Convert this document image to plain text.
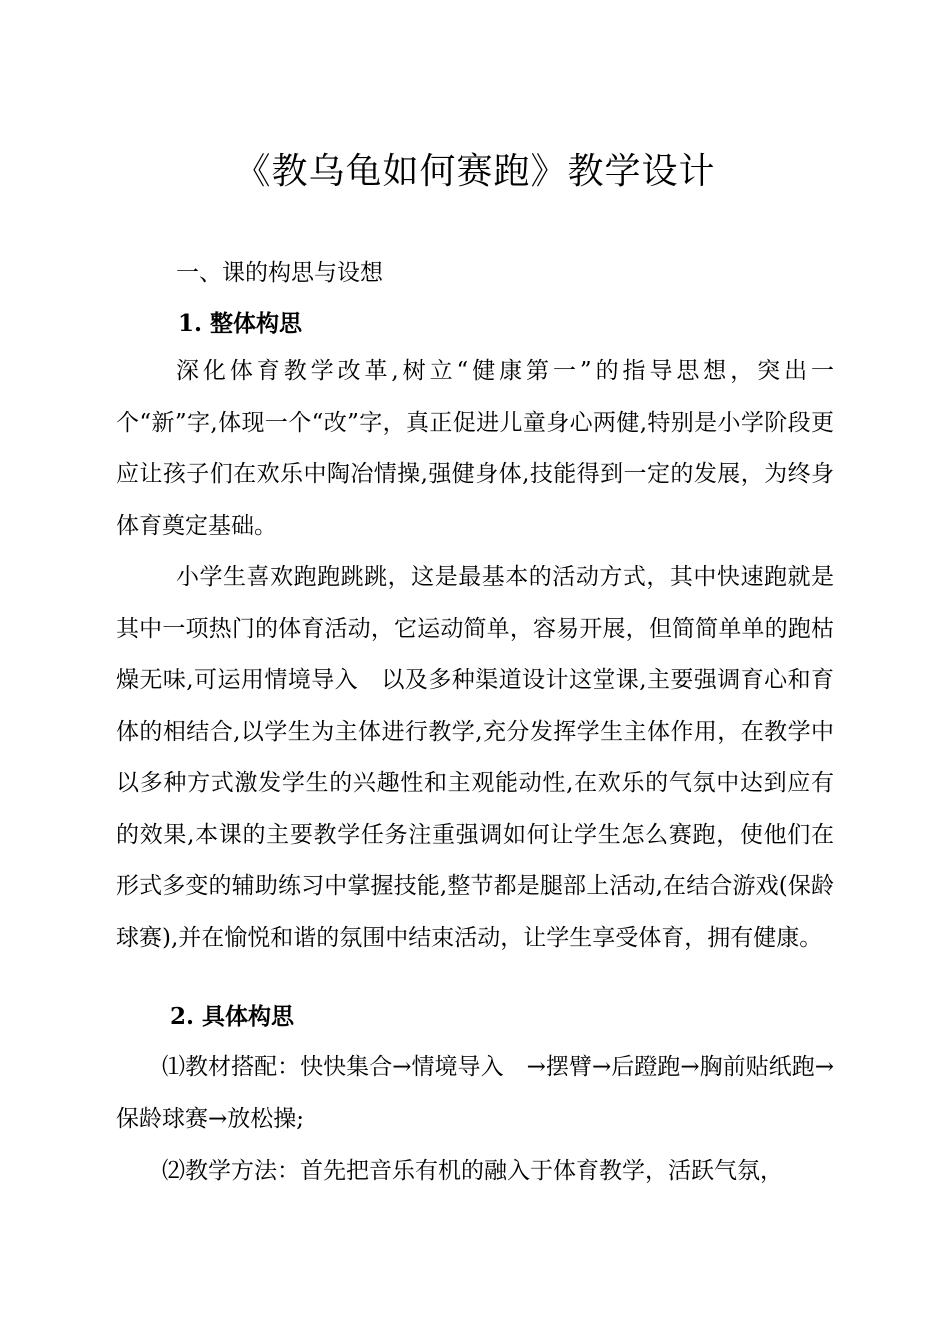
《教乌龟如何赛跑》教学设计
一、课的构思与设想
1. 整体构思

深化体育教学改革,树立“健康第一”的指导思想，突出一个“新”字,体现一个“改”字，真正促进儿童身心两健,特别是小学阶段更应让孩子们在欢乐中陶冶情操,强健身体,技能得到一定的发展，为终身体育奠定基础。

小学生喜欢跑跑跳跳，这是最基本的活动方式，其中快速跑就是其中一项热门的体育活动，它运动简单，容易开展，但简简单单的跑枯燥无味,可运用情境导入　以及多种渠道设计这堂课,主要强调育心和育体的相结合,以学生为主体进行教学,充分发挥学生主体作用，在教学中以多种方式激发学生的兴趣性和主观能动性,在欢乐的气氛中达到应有的效果,本课的主要教学任务注重强调如何让学生怎么赛跑，使他们在形式多变的辅助练习中掌握技能,整节都是腿部上活动,在结合游戏(保龄球赛),并在愉悦和谐的氛围中结束活动，让学生享受体育，拥有健康。

2. 具体构思

⑴教材搭配：快快集合→情境导入　→摆臂→后蹬跑→胸前贴纸跑→保龄球赛→放松操;

⑵教学方法：首先把音乐有机的融入于体育教学，活跃气氛，
